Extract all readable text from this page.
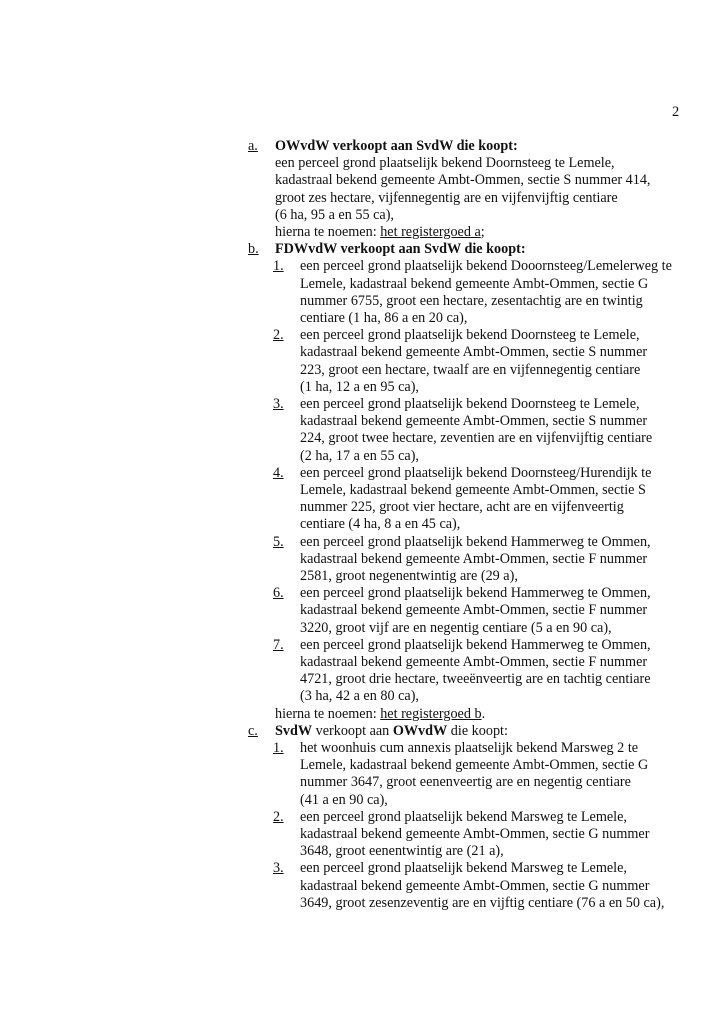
2
a. OWvdW verkoopt aan SvdW die koopt:
een perceel grond plaatselijk bekend Doornsteeg te Lemele,
kadastraal bekend gemeente Ambt-Ommen, sectie S nummer 414,
groot zes hectare, vijfennegentig are en vijfenvijftig centiare
(6 ha, 95 a en 55 ca),
hierna te noemen: het registergoed a;
b. FDWvdW verkoopt aan SvdW die koopt:
1. een perceel grond plaatselijk bekend Dooornsteeg/Lemelerweg te
Lemele, kadastraal bekend gemeente Ambt-Ommen, sectie G
nummer 6755, groot een hectare, zesentachtig are en twintig
centiare (1 ha, 86 a en 20 ca),
2. een perceel grond plaatselijk bekend Doornsteeg te Lemele,
kadastraal bekend gemeente Ambt-Ommen, sectie S nummer
223, groot een hectare, twaalf are en vijfennegentig centiare
(1 ha, 12 a en 95 ca),
3. een perceel grond plaatselijk bekend Doornsteeg te Lemele,
kadastraal bekend gemeente Ambt-Ommen, sectie S nummer
224, groot twee hectare, zeventien are en vijfenvijftig centiare
(2 ha, 17 a en 55 ca),
4. een perceel grond plaatselijk bekend Doornsteeg/Hurendijk te
Lemele, kadastraal bekend gemeente Ambt-Ommen, sectie S
nummer 225, groot vier hectare, acht are en vijfenveertig
centiare (4 ha, 8 a en 45 ca),
5. een perceel grond plaatselijk bekend Hammerweg te Ommen,
kadastraal bekend gemeente Ambt-Ommen, sectie F nummer
2581, groot negenentwintig are (29 a),
6. een perceel grond plaatselijk bekend Hammerweg te Ommen,
kadastraal bekend gemeente Ambt-Ommen, sectie F nummer
3220, groot vijf are en negentig centiare (5 a en 90 ca),
7. een perceel grond plaatselijk bekend Hammerweg te Ommen,
kadastraal bekend gemeente Ambt-Ommen, sectie F nummer
4721, groot drie hectare, tweeënveertig are en tachtig centiare
(3 ha, 42 a en 80 ca),
hierna te noemen: het registergoed b.
c. SvdW verkoopt aan OWvdW die koopt:
1. het woonhuis cum annexis plaatselijk bekend Marsweg 2 te
Lemele, kadastraal bekend gemeente Ambt-Ommen, sectie G
nummer 3647, groot eenenveertig are en negentig centiare
(41 a en 90 ca),
2. een perceel grond plaatselijk bekend Marsweg te Lemele,
kadastraal bekend gemeente Ambt-Ommen, sectie G nummer
3648, groot eenentwintig are (21 a),
3. een perceel grond plaatselijk bekend Marsweg te Lemele,
kadastraal bekend gemeente Ambt-Ommen, sectie G nummer
3649, groot zesenzeventig are en vijftig centiare (76 a en 50 ca),
